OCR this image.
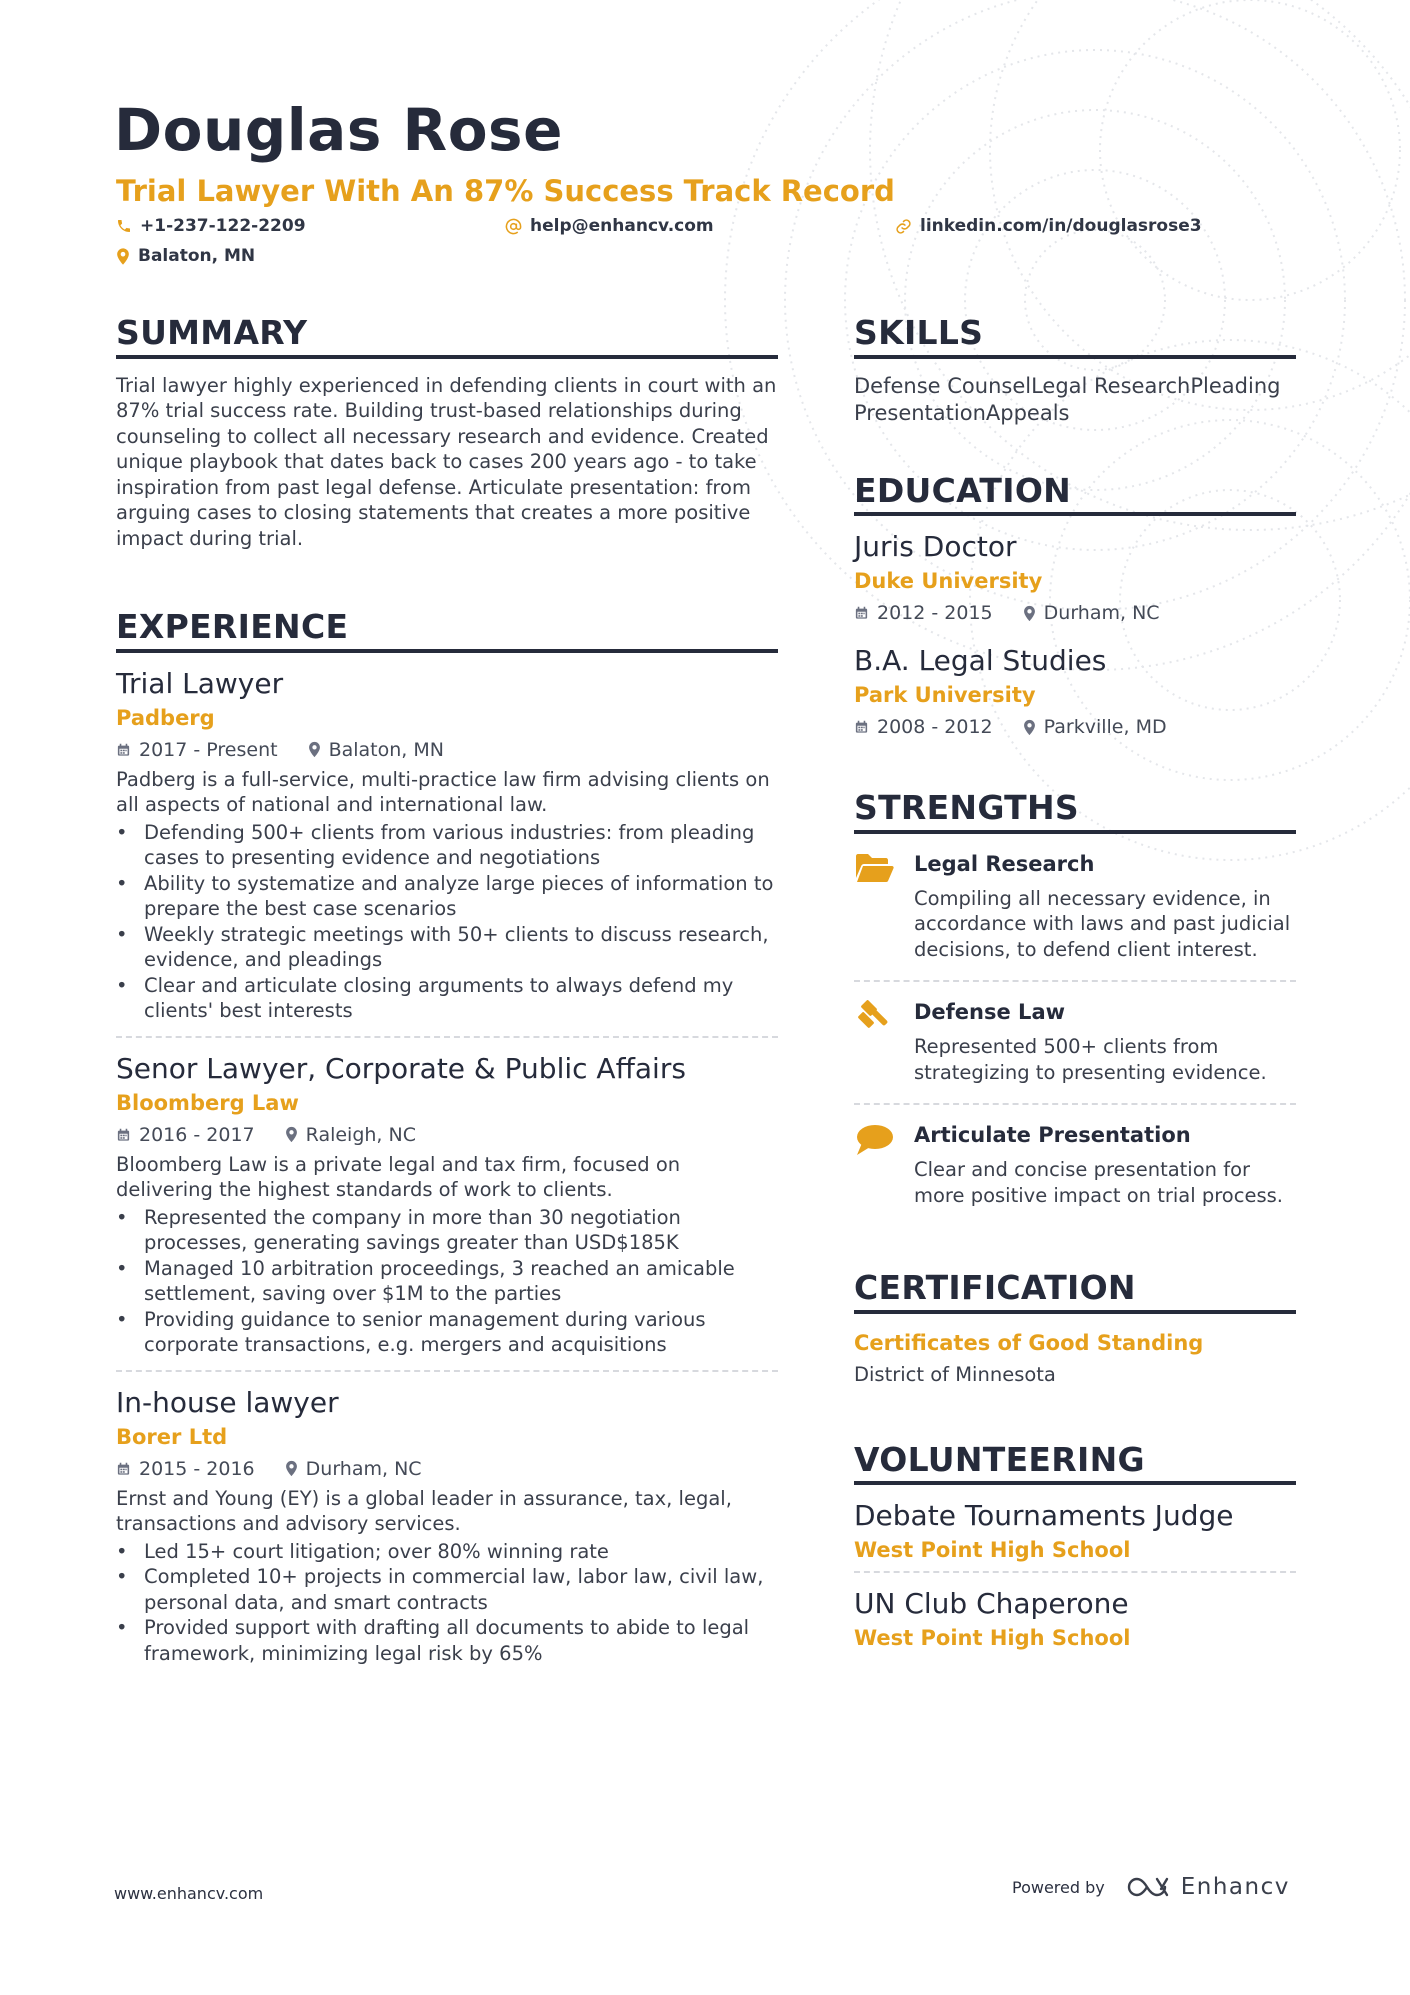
Douglas Rose
Trial Lawyer With An 87% Success Track Record
+1-237-122-2209	help@enhancv.com	linkedin.com/in/douglasrose3
Balaton, MN
SUMMARY

Trial lawyer highly experienced in defending clients in court with an 87% trial success rate. Building trust-based relationships during counseling to collect all necessary research and evidence. Created unique playbook that dates back to cases 200 years ago - to take inspiration from past legal defense. Articulate presentation: from arguing cases to closing statements that creates a more positive impact during trial.

EXPERIENCE

Trial Lawyer

Padberg

2017 - Present	Balaton, MN

Padberg is a full-service, multi-practice law firm advising clients on all aspects of national and international law.

• Defending 500+ clients from various industries: from pleading cases to presenting evidence and negotiations
• Ability to systematize and analyze large pieces of information to prepare the best case scenarios
• Weekly strategic meetings with 50+ clients to discuss research, evidence, and pleadings
• Clear and articulate closing arguments to always defend my clients' best interests

Senor Lawyer, Corporate & Public Affairs

Bloomberg Law

2016 - 2017	Raleigh, NC

Bloomberg Law is a private legal and tax firm, focused on delivering the highest standards of work to clients.

• Represented the company in more than 30 negotiation processes, generating savings greater than USD$185K
• Managed 10 arbitration proceedings, 3 reached an amicable settlement, saving over $1M to the parties
• Providing guidance to senior management during various corporate transactions, e.g. mergers and acquisitions

In-house lawyer

Borer Ltd

2015 - 2016	Durham, NC

Ernst and Young (EY) is a global leader in assurance, tax, legal, transactions and advisory services.

• Led 15+ court litigation; over 80% winning rate
• Completed 10+ projects in commercial law, labor law, civil law, personal data, and smart contracts
• Provided support with drafting all documents to abide to legal framework, minimizing legal risk by 65%
SKILLS

Defense CounselLegal ResearchPleading PresentationAppeals

EDUCATION

Juris Doctor

Duke University

2012 - 2015	Durham, NC

B.A. Legal Studies

Park University

2008 - 2012	Parkville, MD
STRENGTHS

Legal Research

Compiling all necessary evidence, in accordance with laws and past judicial decisions, to defend client interest.

Defense Law

Represented 500+ clients from strategizing to presenting evidence.

Articulate Presentation

Clear and concise presentation for more positive impact on trial process.

CERTIFICATION

Certificates of Good Standing

District of Minnesota

VOLUNTEERING

Debate Tournaments Judge

West Point High School

UN Club Chaperone

West Point High School

www.enhancv.com	Powered by	Enhancv
